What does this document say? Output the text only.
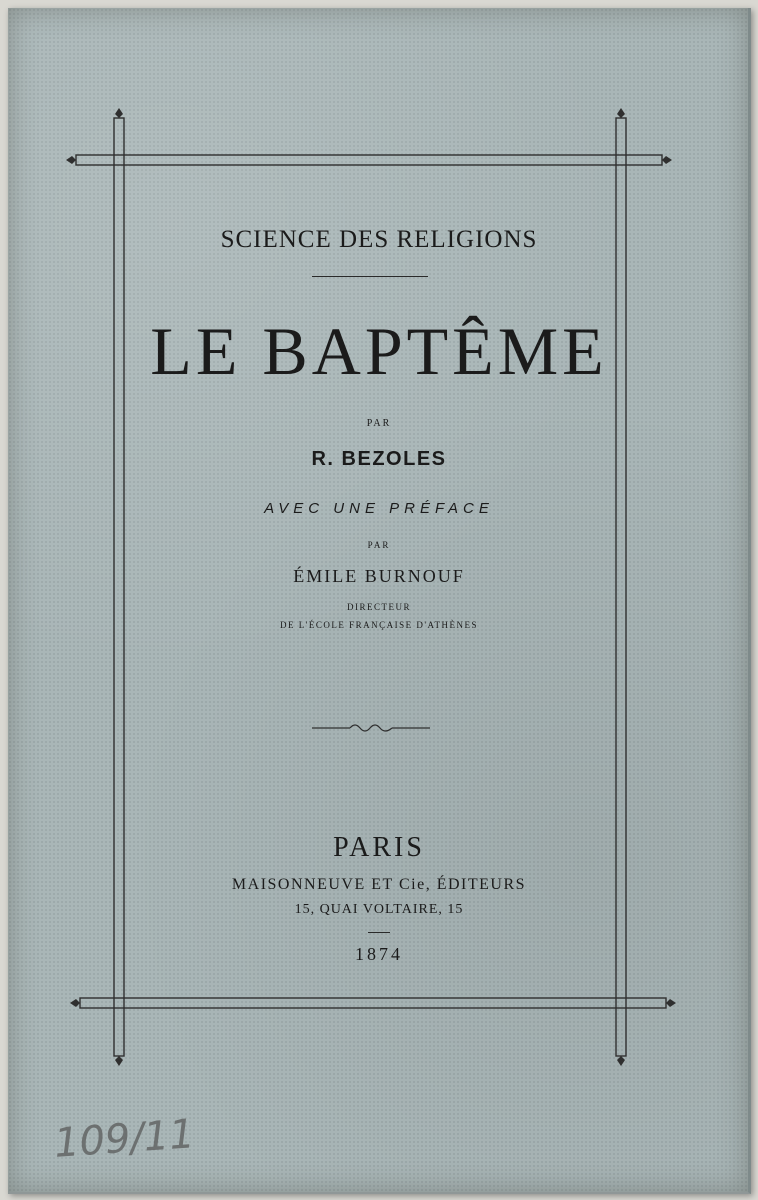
SCIENCE DES RELIGIONS
LE BAPTÊME
PAR
R. BEZOLES
AVEC UNE PRÉFACE
PAR
ÉMILE BURNOUF
DIRECTEUR
DE L'ÉCOLE FRANÇAISE D'ATHÈNES
PARIS
MAISONNEUVE ET Cie, ÉDITEURS
15, QUAI VOLTAIRE, 15
1874
109/11
